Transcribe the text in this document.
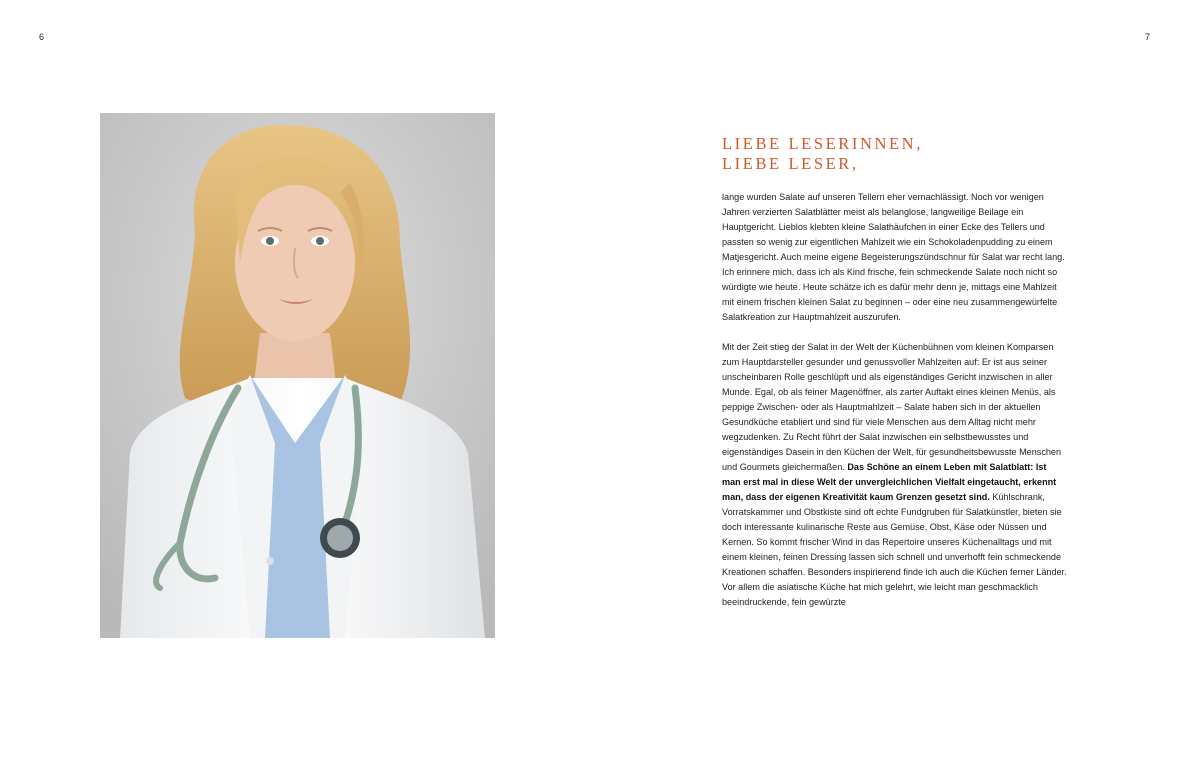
6	7
LIEBE LESERINNEN,
LIEBE LESER,

lange wurden Salate auf unseren Tellern eher vernachlässigt. Noch vor wenigen Jahren verzierten Salatblätter meist als belanglose, langweilige Beilage ein Hauptgericht. Lieblos klebten kleine Salathäufchen in einer Ecke des Tellers und passten so wenig zur eigentlichen Mahlzeit wie ein Schokoladenpudding zu einem Matjesgericht. Auch meine eigene Begeisterungszündschnur für Salat war recht lang. Ich erinnere mich, dass ich als Kind frische, fein schmeckende Salate noch nicht so würdigte wie heute. Heute schätze ich es dafür mehr denn je, mittags eine Mahlzeit mit einem frischen kleinen Salat zu beginnen – oder eine neu zusammengewürfelte Salatkreation zur Hauptmahlzeit auszurufen.

Mit der Zeit stieg der Salat in der Welt der Küchenbühnen vom kleinen Komparsen zum Hauptdarsteller gesunder und genussvoller Mahlzeiten auf: Er ist aus seiner unscheinbaren Rolle geschlüpft und als eigenständiges Gericht inzwischen in aller Munde. Egal, ob als feiner Magenöffner, als zarter Auftakt eines kleinen Menüs, als peppige Zwischen- oder als Hauptmahlzeit – Salate haben sich in der aktuellen Gesundküche etabliert und sind für viele Menschen aus dem Alltag nicht mehr wegzudenken. Zu Recht führt der Salat inzwischen ein selbstbewusstes und eigenständiges Dasein in den Küchen der Welt, für gesundheitsbewusste Menschen und Gourmets gleichermaßen. Das Schöne an einem Leben mit Salatblatt: Ist man erst mal in diese Welt der unvergleichlichen Vielfalt eingetaucht, erkennt man, dass der eigenen Kreativität kaum Grenzen gesetzt sind. Kühlschrank, Vorratskammer und Obstkiste sind oft echte Fundgruben für Salatkünstler, bieten sie doch interessante kulinarische Reste aus Gemüse, Obst, Käse oder Nüssen und Kernen. So kommt frischer Wind in das Repertoire unseres Küchenalltags und mit einem kleinen, feinen Dressing lassen sich schnell und unverhofft fein schmeckende Kreationen schaffen. Besonders inspirierend finde ich auch die Küchen ferner Länder. Vor allem die asiatische Küche hat mich gelehrt, wie leicht man geschmacklich beeindruckende, fein gewürzte
